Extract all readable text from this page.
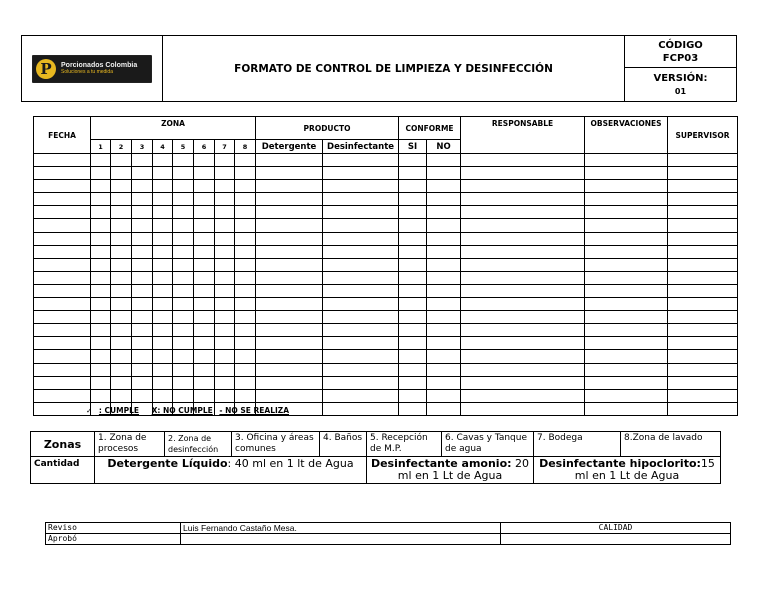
P	Porcionados Colombia
Soluciones a tu medida	FORMATO DE CONTROL DE LIMPIEZA Y DESINFECCIÓN	
CÓDIGO
FCP03

VERSIÓN:
01
FECHA	ZONA								PRODUCTO		CONFORME		RESPONSABLE	OBSERVACIONES	SUPERVISOR
	1	2	3	4	5	6	7	8	Detergente	Desinfectante	SI	NO			

✓ : CUMPLE X: NO CUMPLE - NO SE REALIZA
Zonas	1. Zona de procesos	2. Zona de desinfección	3. Oficina y áreas comunes	4. Baños	5. Recepción de M.P.	6. Cavas y Tanque de agua	7. Bodega	8.Zona de lavado
Cantidad	Detergente Líquido: 40 ml en 1 lt de Agua				Desinfectante amonio: 20 ml en 1 Lt de Agua		Desinfectante hipoclorito:15 ml en 1 Lt de Agua	
Reviso	Luis Fernando Castaño Mesa.	CALIDAD
Aprobó		
